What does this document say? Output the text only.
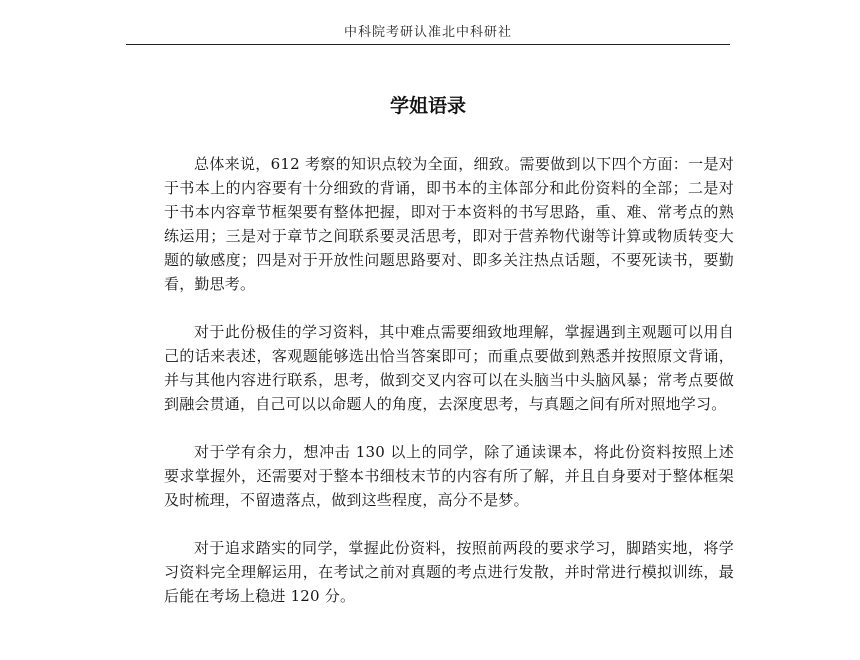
中科院考研认准北中科研社
学姐语录

总体来说，612 考察的知识点较为全面，细致。需要做到以下四个方面：一是对于书本上的内容要有十分细致的背诵，即书本的主体部分和此份资料的全部；二是对于书本内容章节框架要有整体把握，即对于本资料的书写思路，重、难、常考点的熟练运用；三是对于章节之间联系要灵活思考，即对于营养物代谢等计算或物质转变大题的敏感度；四是对于开放性问题思路要对、即多关注热点话题，不要死读书，要勤看，勤思考。

对于此份极佳的学习资料，其中难点需要细致地理解，掌握遇到主观题可以用自己的话来表述，客观题能够选出恰当答案即可；而重点要做到熟悉并按照原文背诵，并与其他内容进行联系，思考，做到交叉内容可以在头脑当中头脑风暴；常考点要做到融会贯通，自己可以以命题人的角度，去深度思考，与真题之间有所对照地学习。

对于学有余力，想冲击 130 以上的同学，除了通读课本，将此份资料按照上述要求掌握外，还需要对于整本书细枝末节的内容有所了解，并且自身要对于整体框架及时梳理，不留遗落点，做到这些程度，高分不是梦。

对于追求踏实的同学，掌握此份资料，按照前两段的要求学习，脚踏实地，将学习资料完全理解运用，在考试之前对真题的考点进行发散，并时常进行模拟训练，最后能在考场上稳进 120 分。
